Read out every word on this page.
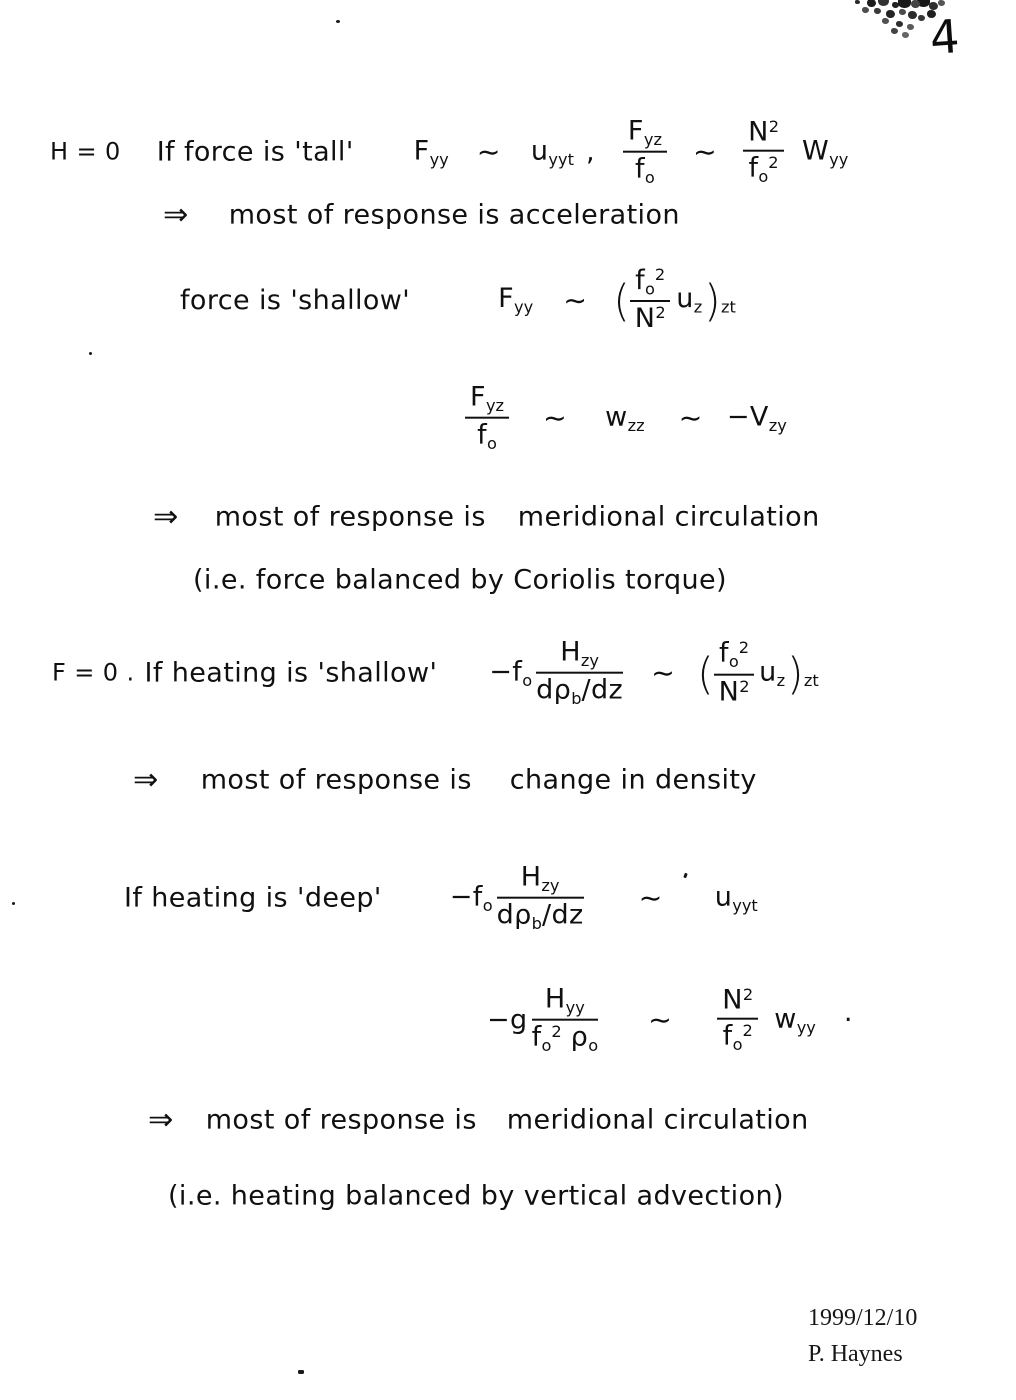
4
H = 0 If force is 'tall' $F_{yy}$ ∼ $u_{yyt}$ , $\frac{F_{yz}}{f_o}$ ∼ $\frac{N^2}{f_o^2} W_{yy}$
⇒ most of response is acceleration
force is 'shallow'	$F_{yy}$ ∼ ( $\frac{f_o^2}{N^2} u_z$ ) $_{zt}$
$\frac{F_{yz}}{f_o}$ ∼ $w_{zz}$ ∼ $-V_{zy}$
⇒ most of response is meridional circulation
(i.e. force balanced by Coriolis torque)
F = 0 . If heating is 'shallow' $-f_o \frac{H_{zy}}{d\rho_b/dz}$ ∼ ( $\frac{f_o^2}{N^2} u_z$ ) $_{zt}$
⇒ most of response is change in density
If heating is 'deep'	$-f_o \frac{H_{zy}}{d\rho_b/dz}$ ∼ $u_{yyt}$
$-g \frac{H_{yy}}{f_o^2 \rho_o}$ ∼ $\frac{N^2}{f_o^2} w_{yy}$ ·
⇒ most of response is meridional circulation
(i.e. heating balanced by vertical advection)
1999/12/10
P. Haynes
